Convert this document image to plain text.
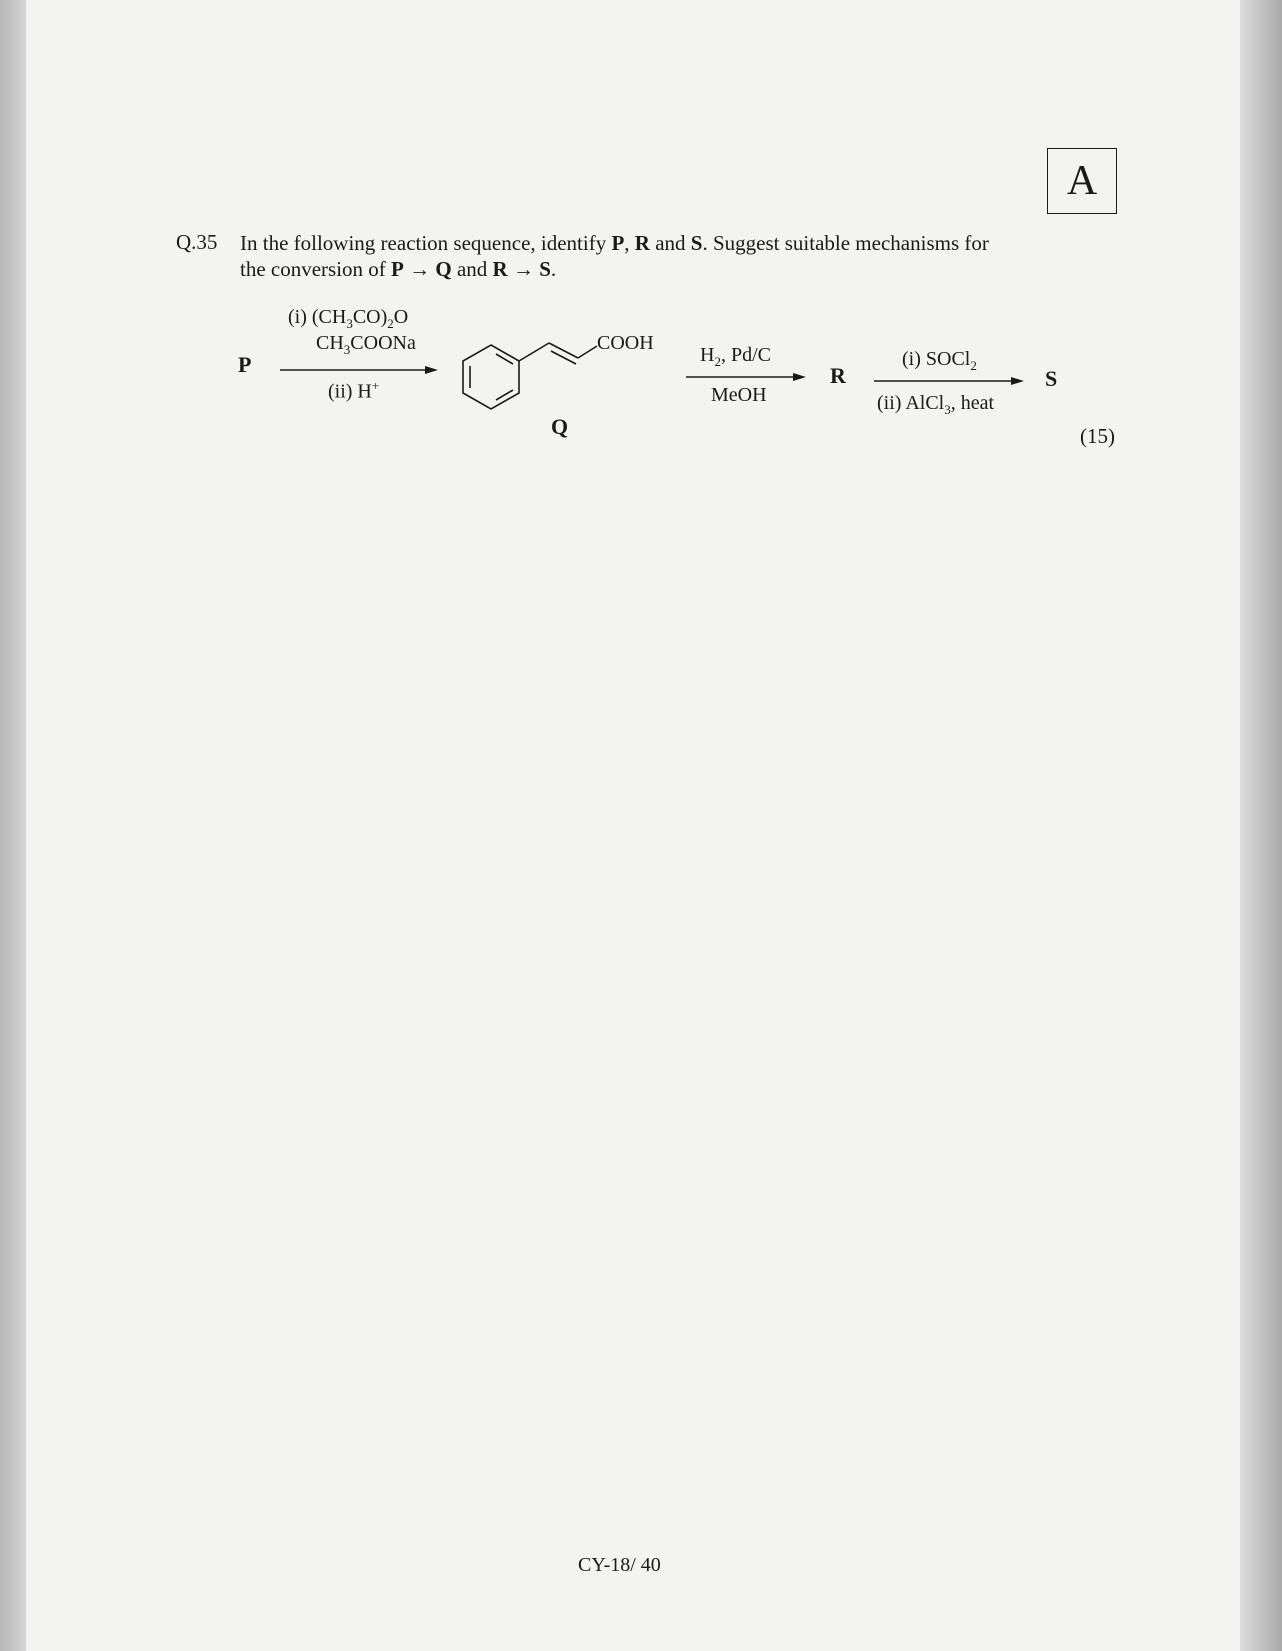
A
Q.35 In the following reaction sequence, identify P, R and S. Suggest suitable mechanisms for
the conversion of P → Q and R → S.
P
(i) $(CH_3CO)_2O$
$CH_3COONa$
(ii) H+
COOH
Q
$H_2$, Pd/C
MeOH
R
(i) SOCl$_2$
(ii) AlCl$_3$, heat
S
(15)
CY-18/ 40
